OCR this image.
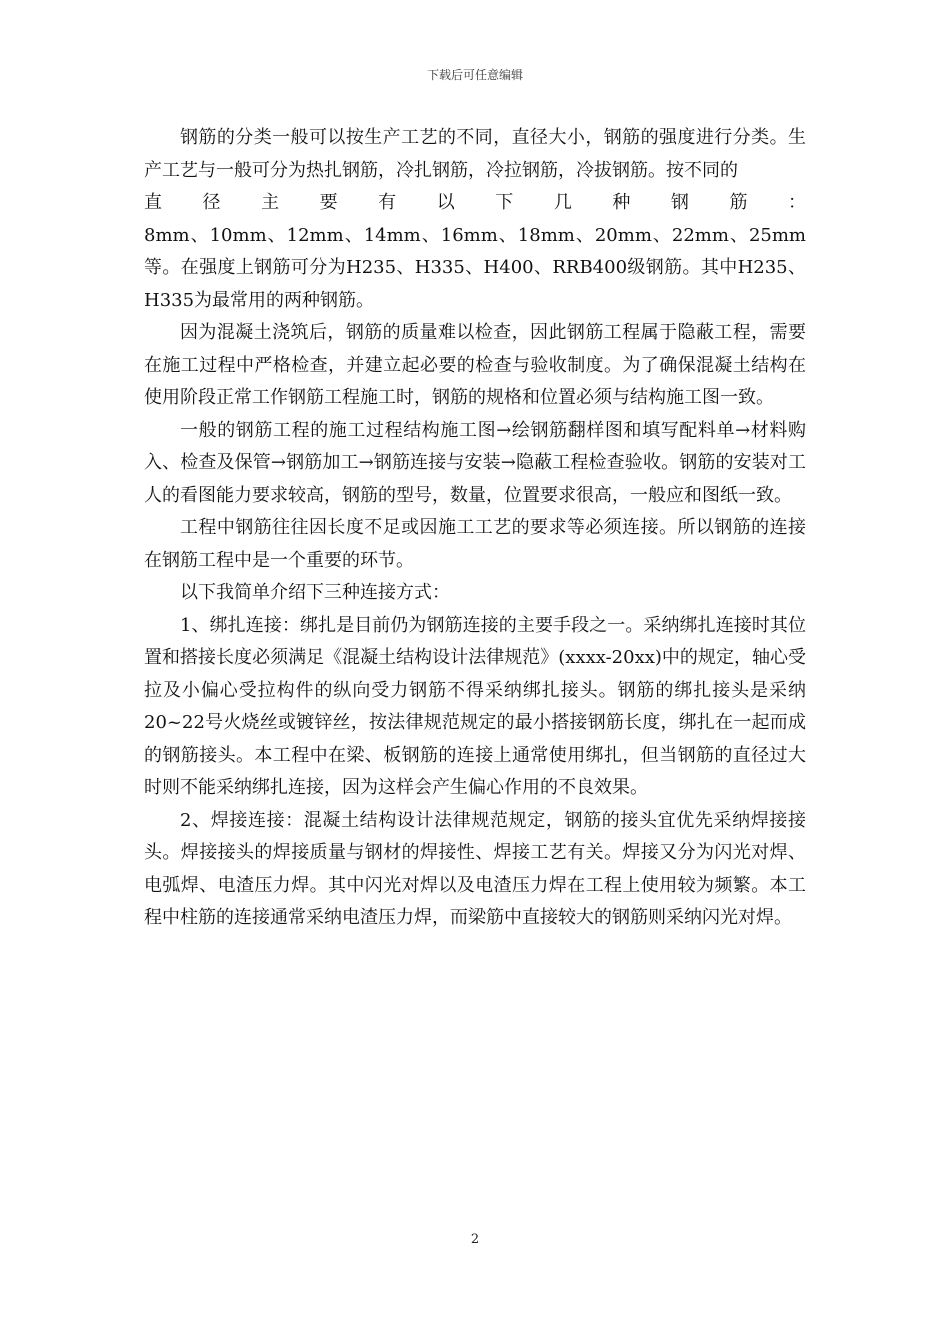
下载后可任意编辑

钢筋的分类一般可以按生产工艺的不同，直径大小，钢筋的强度进行分类。生产工艺与一般可分为热扎钢筋，冷扎钢筋，冷拉钢筋，冷拔钢筋。按不同的

直径主要有以下几种钢筋：

8mm、10mm、12mm、14mm、16mm、18mm、20mm、22mm、25mm等。在强度上钢筋可分为H235、H335、H400、RRB400级钢筋。其中H235、H335为最常用的两种钢筋。

因为混凝土浇筑后，钢筋的质量难以检查，因此钢筋工程属于隐蔽工程，需要在施工过程中严格检查，并建立起必要的检查与验收制度。为了确保混凝土结构在使用阶段正常工作钢筋工程施工时，钢筋的规格和位置必须与结构施工图一致。

一般的钢筋工程的施工过程结构施工图→绘钢筋翻样图和填写配料单→材料购入、检查及保管→钢筋加工→钢筋连接与安装→隐蔽工程检查验收。钢筋的安装对工人的看图能力要求较高，钢筋的型号，数量，位置要求很高，一般应和图纸一致。

工程中钢筋往往因长度不足或因施工工艺的要求等必须连接。所以钢筋的连接在钢筋工程中是一个重要的环节。

以下我简单介绍下三种连接方式：

1、绑扎连接：绑扎是目前仍为钢筋连接的主要手段之一。采纳绑扎连接时其位置和搭接长度必须满足《混凝土结构设计法律规范》(xxxx-20xx)中的规定，轴心受拉及小偏心受拉构件的纵向受力钢筋不得采纳绑扎接头。钢筋的绑扎接头是采纳20~22号火烧丝或镀锌丝，按法律规范规定的最小搭接钢筋长度，绑扎在一起而成的钢筋接头。本工程中在梁、板钢筋的连接上通常使用绑扎，但当钢筋的直径过大时则不能采纳绑扎连接，因为这样会产生偏心作用的不良效果。

2、焊接连接：混凝土结构设计法律规范规定，钢筋的接头宜优先采纳焊接接头。焊接接头的焊接质量与钢材的焊接性、焊接工艺有关。焊接又分为闪光对焊、电弧焊、电渣压力焊。其中闪光对焊以及电渣压力焊在工程上使用较为频繁。本工程中柱筋的连接通常采纳电渣压力焊，而梁筋中直接较大的钢筋则采纳闪光对焊。

2
